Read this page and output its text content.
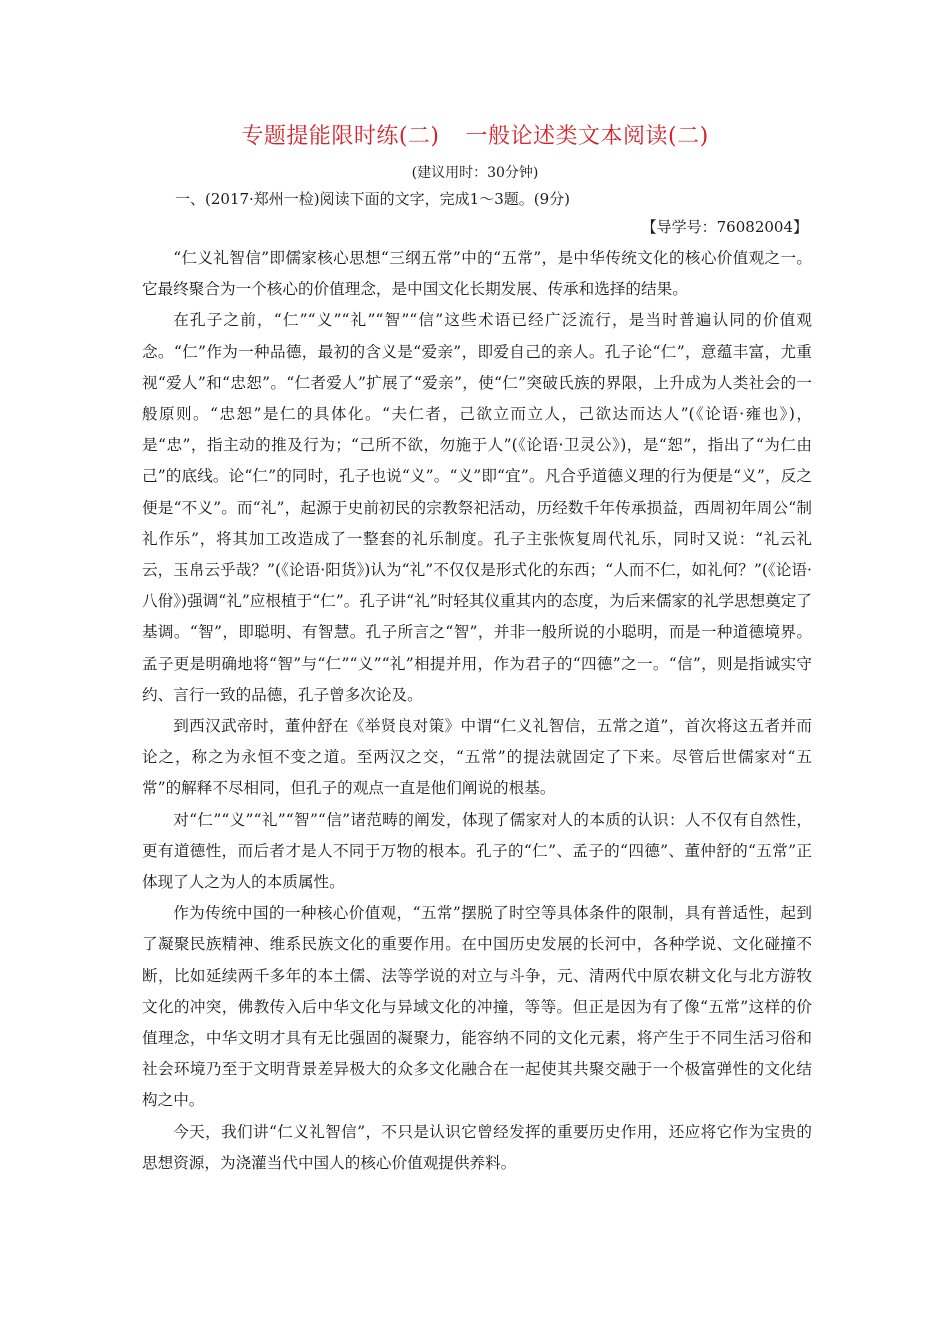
专题提能限时练(二) 一般论述类文本阅读(二)
(建议用时：30分钟)
一、(2017·郑州一检)阅读下面的文字，完成1～3题。(9分)
【导学号：76082004】

“仁义礼智信”即儒家核心思想“三纲五常”中的“五常”，是中华传统文化的核心价值观之一。它最终聚合为一个核心的价值理念，是中国文化长期发展、传承和选择的结果。

在孔子之前，“仁”“义”“礼”“智”“信”这些术语已经广泛流行，是当时普遍认同的价值观念。“仁”作为一种品德，最初的含义是“爱亲”，即爱自己的亲人。孔子论“仁”，意蕴丰富，尤重视“爱人”和“忠恕”。“仁者爱人”扩展了“爱亲”，使“仁”突破氏族的界限，上升成为人类社会的一般原则。“忠恕”是仁的具体化。“夫仁者，己欲立而立人，己欲达而达人”(《论语·雍也》)，是“忠”，指主动的推及行为；“己所不欲，勿施于人”(《论语·卫灵公》)，是“恕”，指出了“为仁由己”的底线。论“仁”的同时，孔子也说“义”。“义”即“宜”。凡合乎道德义理的行为便是“义”，反之便是“不义”。而“礼”，起源于史前初民的宗教祭祀活动，历经数千年传承损益，西周初年周公“制礼作乐”，将其加工改造成了一整套的礼乐制度。孔子主张恢复周代礼乐，同时又说：“礼云礼云，玉帛云乎哉？”(《论语·阳货》)认为“礼”不仅仅是形式化的东西；“人而不仁，如礼何？”(《论语·八佾》)强调“礼”应根植于“仁”。孔子讲“礼”时轻其仪重其内的态度，为后来儒家的礼学思想奠定了基调。“智”，即聪明、有智慧。孔子所言之“智”，并非一般所说的小聪明，而是一种道德境界。孟子更是明确地将“智”与“仁”“义”“礼”相提并用，作为君子的“四德”之一。“信”，则是指诚实守约、言行一致的品德，孔子曾多次论及。

到西汉武帝时，董仲舒在《举贤良对策》中谓“仁义礼智信，五常之道”，首次将这五者并而论之，称之为永恒不变之道。至两汉之交，“五常”的提法就固定了下来。尽管后世儒家对“五常”的解释不尽相同，但孔子的观点一直是他们阐说的根基。

对“仁”“义”“礼”“智”“信”诸范畴的阐发，体现了儒家对人的本质的认识：人不仅有自然性，更有道德性，而后者才是人不同于万物的根本。孔子的“仁”、孟子的“四德”、董仲舒的“五常”正体现了人之为人的本质属性。

作为传统中国的一种核心价值观，“五常”摆脱了时空等具体条件的限制，具有普适性，起到了凝聚民族精神、维系民族文化的重要作用。在中国历史发展的长河中，各种学说、文化碰撞不断，比如延续两千多年的本土儒、法等学说的对立与斗争，元、清两代中原农耕文化与北方游牧文化的冲突，佛教传入后中华文化与异域文化的冲撞，等等。但正是因为有了像“五常”这样的价值理念，中华文明才具有无比强固的凝聚力，能容纳不同的文化元素，将产生于不同生活习俗和社会环境乃至于文明背景差异极大的众多文化融合在一起使其共聚交融于一个极富弹性的文化结构之中。

今天，我们讲“仁义礼智信”，不只是认识它曾经发挥的重要历史作用，还应将它作为宝贵的思想资源，为浇灌当代中国人的核心价值观提供养料。
